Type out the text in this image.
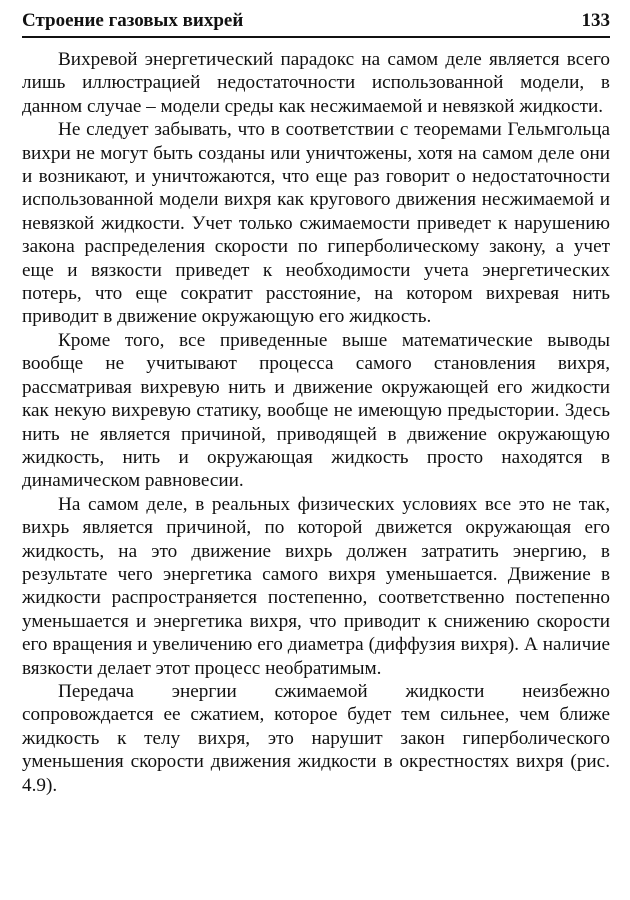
Строение газовых вихрей	133

Вихревой энергетический парадокс на самом деле является всего лишь иллюстрацией недостаточности использованной модели, в данном случае – модели среды как несжимаемой и невязкой жидкости.

Не следует забывать, что в соответствии с теоремами Гельмгольца вихри не могут быть созданы или уничтожены, хотя на самом деле они и возникают, и уничтожаются, что еще раз говорит о недостаточности использованной модели вихря как кругового движения несжимаемой и невязкой жидкости. Учет только сжимаемости приведет к нарушению закона распределения скорости по гиперболическому закону, а учет еще и вязкости приведет к необходимости учета энергетических потерь, что еще сократит расстояние, на котором вихревая нить приводит в движение окружающую его жидкость.

Кроме того, все приведенные выше математические выводы вообще не учитывают процесса самого становления вихря, рассматривая вихревую нить и движение окружающей его жидкости как некую вихревую статику, вообще не имеющую предыстории. Здесь нить не является причиной, приводящей в движение окружающую жидкость, нить и окружающая жидкость просто находятся в динамическом равновесии.

На самом деле, в реальных физических условиях все это не так, вихрь является причиной, по которой движется окружающая его жидкость, на это движение вихрь должен затратить энергию, в результате чего энергетика самого вихря уменьшается. Движение в жидкости распространяется постепенно, соответственно постепенно уменьшается и энергетика вихря, что приводит к снижению скорости его вращения и увеличению его диаметра (диффузия вихря). А наличие вязкости делает этот процесс необратимым.

Передача энергии сжимаемой жидкости неизбежно сопровождается ее сжатием, которое будет тем сильнее, чем ближе жидкость к телу вихря, это нарушит закон гиперболического уменьшения скорости движения жидкости в окрестностях вихря (рис. 4.9).
